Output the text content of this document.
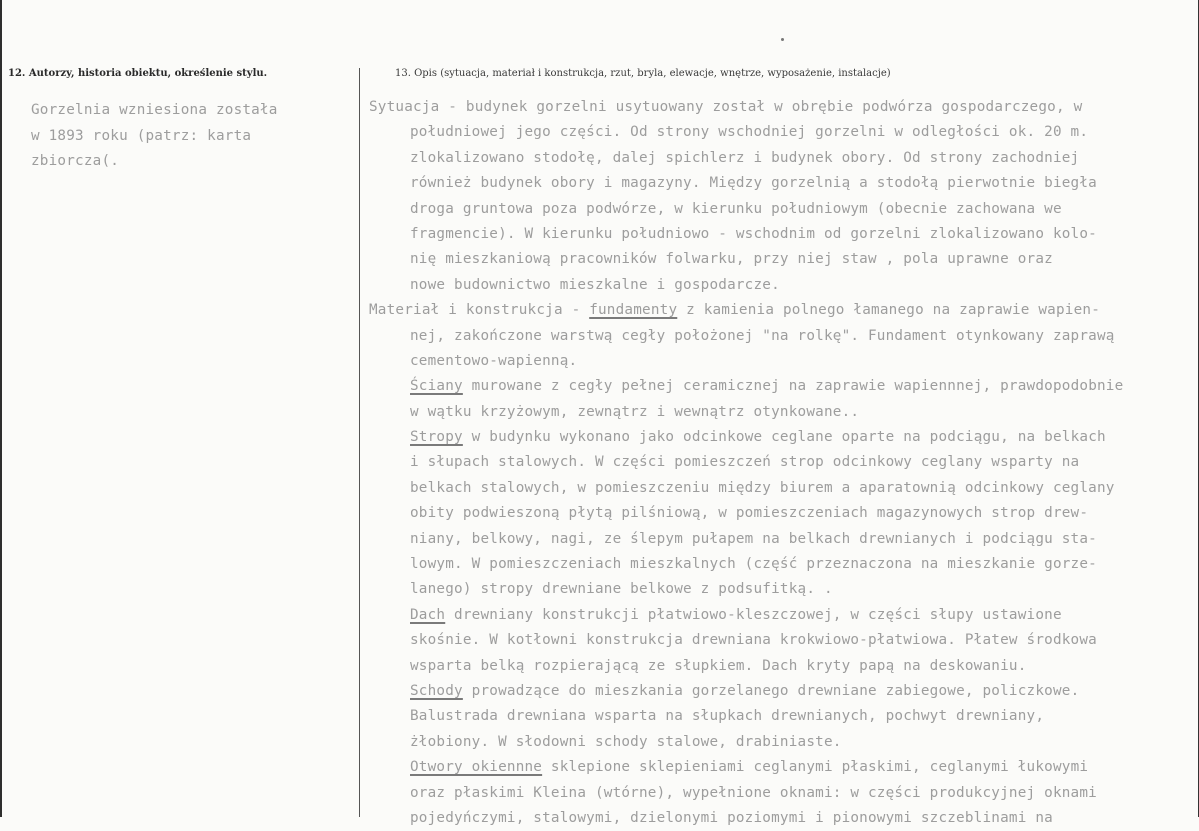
12. Autorzy, historia obiektu, określenie stylu.	13. Opis (sytuacja, materiał i konstrukcja, rzut, bryla, elewacje, wnętrze, wyposażenie, instalacje)
Gorzelnia wzniesiona została
w 1893 roku (patrz: karta
zbiorcza(.
Sytuacja - budynek gorzelni usytuowany został w obrębie podwórza gospodarczego, w
południowej jego części. Od strony wschodniej gorzelni w odległości ok. 20 m.
zlokalizowano stodołę, dalej spichlerz i budynek obory. Od strony zachodniej
również budynek obory i magazyny. Między gorzelnią a stodołą pierwotnie biegła
droga gruntowa poza podwórze, w kierunku południowym (obecnie zachowana we
fragmencie). W kierunku południowo - wschodnim od gorzelni zlokalizowano kolo-
nię mieszkaniową pracowników folwarku, przy niej staw , pola uprawne oraz
nowe budownictwo mieszkalne i gospodarcze.
Materiał i konstrukcja - fundamenty z kamienia polnego łamanego na zaprawie wapien-
nej, zakończone warstwą cegły położonej "na rolkę". Fundament otynkowany zaprawą
cementowo-wapienną.
Ściany murowane z cegły pełnej ceramicznej na zaprawie wapiennnej, prawdopodobnie
w wątku krzyżowym, zewnątrz i wewnątrz otynkowane..
Stropy w budynku wykonano jako odcinkowe ceglane oparte na podciągu, na belkach
i słupach stalowych. W części pomieszczeń strop odcinkowy ceglany wsparty na
belkach stalowych, w pomieszczeniu między biurem a aparatownią odcinkowy ceglany
obity podwieszoną płytą pilśniową, w pomieszczeniach magazynowych strop drew-
niany, belkowy, nagi, ze ślepym pułapem na belkach drewnianych i podciągu sta-
lowym. W pomieszczeniach mieszkalnych (część przeznaczona na mieszkanie gorze-
lanego) stropy drewniane belkowe z podsufitką. .
Dach drewniany konstrukcji płatwiowo-kleszczowej, w części słupy ustawione
skośnie. W kotłowni konstrukcja drewniana krokwiowo-płatwiowa. Płatew środkowa
wsparta belką rozpierającą ze słupkiem. Dach kryty papą na deskowaniu.
Schody prowadzące do mieszkania gorzelanego drewniane zabiegowe, policzkowe.
Balustrada drewniana wsparta na słupkach drewnianych, pochwyt drewniany,
żłobiony. W słodowni schody stalowe, drabiniaste.
Otwory okiennne sklepione sklepieniami ceglanymi płaskimi, ceglanymi łukowymi
oraz płaskimi Kleina (wtórne), wypełnione oknami: w części produkcyjnej oknami
pojedyńczymi, stalowymi, dzielonymi poziomymi i pionowymi szczeblinami na
